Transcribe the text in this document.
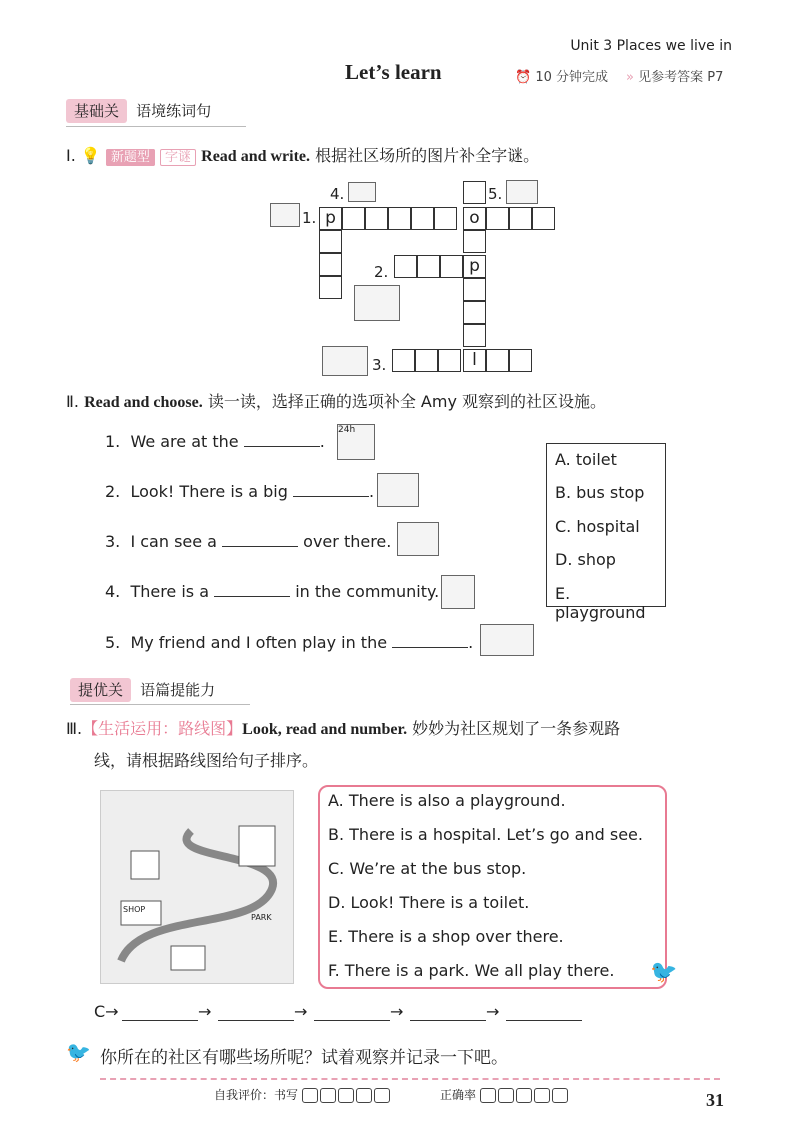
Unit 3 Places we live in
Let’s learn	⏰ 10 分钟完成 » 见参考答案 P7
基础关 语境练词句
Ⅰ. 💡 新题型 字谜 Read and write. 根据社区场所的图片补全字谜。
1.
4.	5.
2.
3.
p	o
p
l
Ⅱ. Read and choose. 读一读，选择正确的选项补全 Amy 观察到的社区设施。
1. We are at the	.
24h
2. Look! There is a big	.
3. I can see a	over there.
4. There is a	in the community.
5. My friend and I often play in the	.
A. toilet
B. bus stop
C. hospital
D. shop
E. playground
提优关 语篇提能力
Ⅲ.【生活运用：路线图】Look, read and number. 妙妙为社区规划了一条参观路
线，请根据路线图给句子排序。
SHOP
PARK
A. There is also a playground.
B. There is a hospital. Let’s go and see.
C. We’re at the bus stop.
D. Look! There is a toilet.
E. There is a shop over there.
F. There is a park. We all play there. 🐦
C→	→	→	→	→
🐦 你所在的社区有哪些场所呢？试着观察并记录一下吧。
自我评价：书写	正确率	31
